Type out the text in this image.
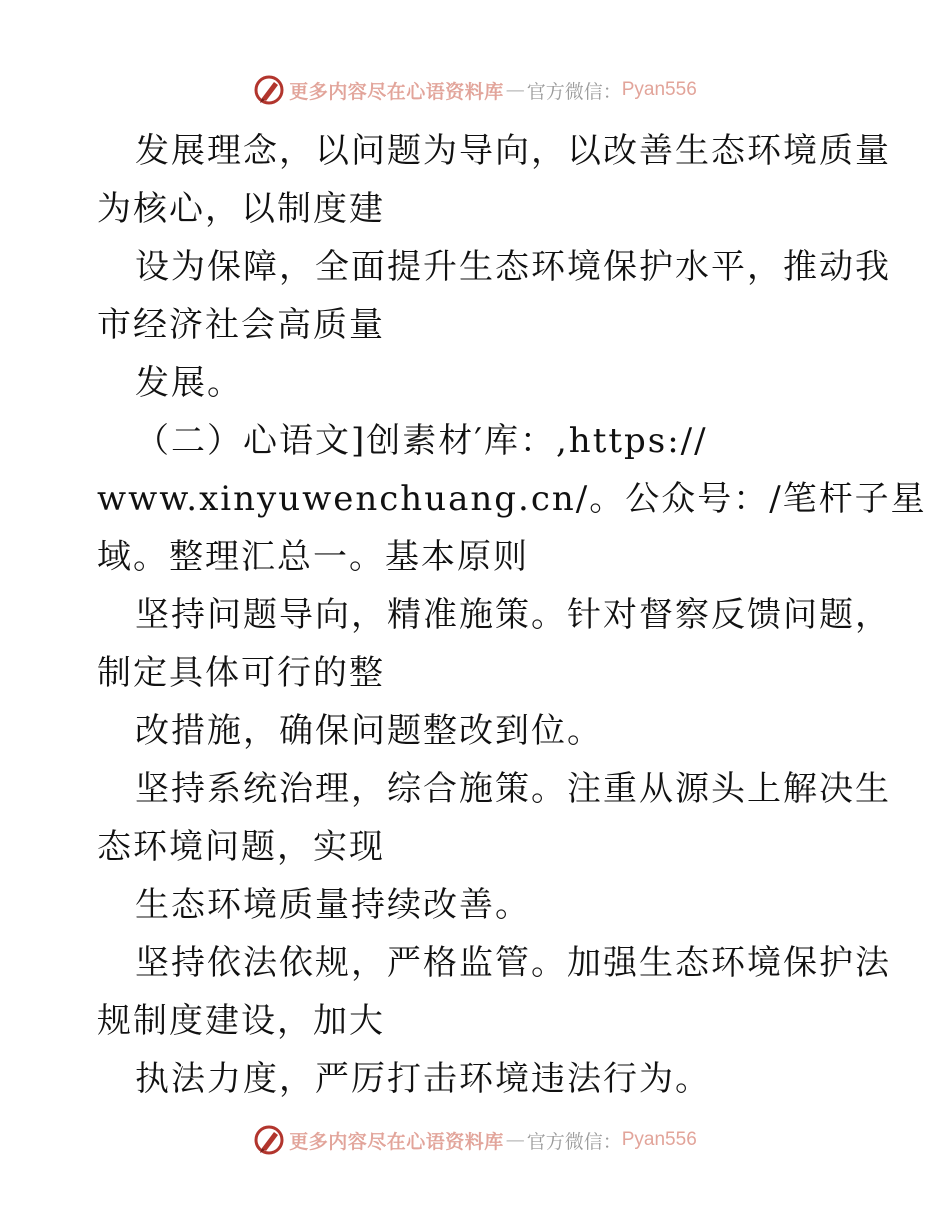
更多内容尽在心语资料库 — 官方微信： Pyan556
发展理念，以问题为导向，以改善生态环境质量
为核心，以制度建
设为保障，全面提升生态环境保护水平，推动我
市经济社会高质量
发展。
（二）心语文]创素材′库：,https://
www.xinyuwenchuang.cn/。公众号：/笔杆子星
域。整理汇总一。基本原则
坚持问题导向，精准施策。针对督察反馈问题，
制定具体可行的整
改措施，确保问题整改到位。
坚持系统治理，综合施策。注重从源头上解决生
态环境问题，实现
生态环境质量持续改善。
坚持依法依规，严格监管。加强生态环境保护法
规制度建设，加大
执法力度，严厉打击环境违法行为。
更多内容尽在心语资料库 — 官方微信： Pyan556
